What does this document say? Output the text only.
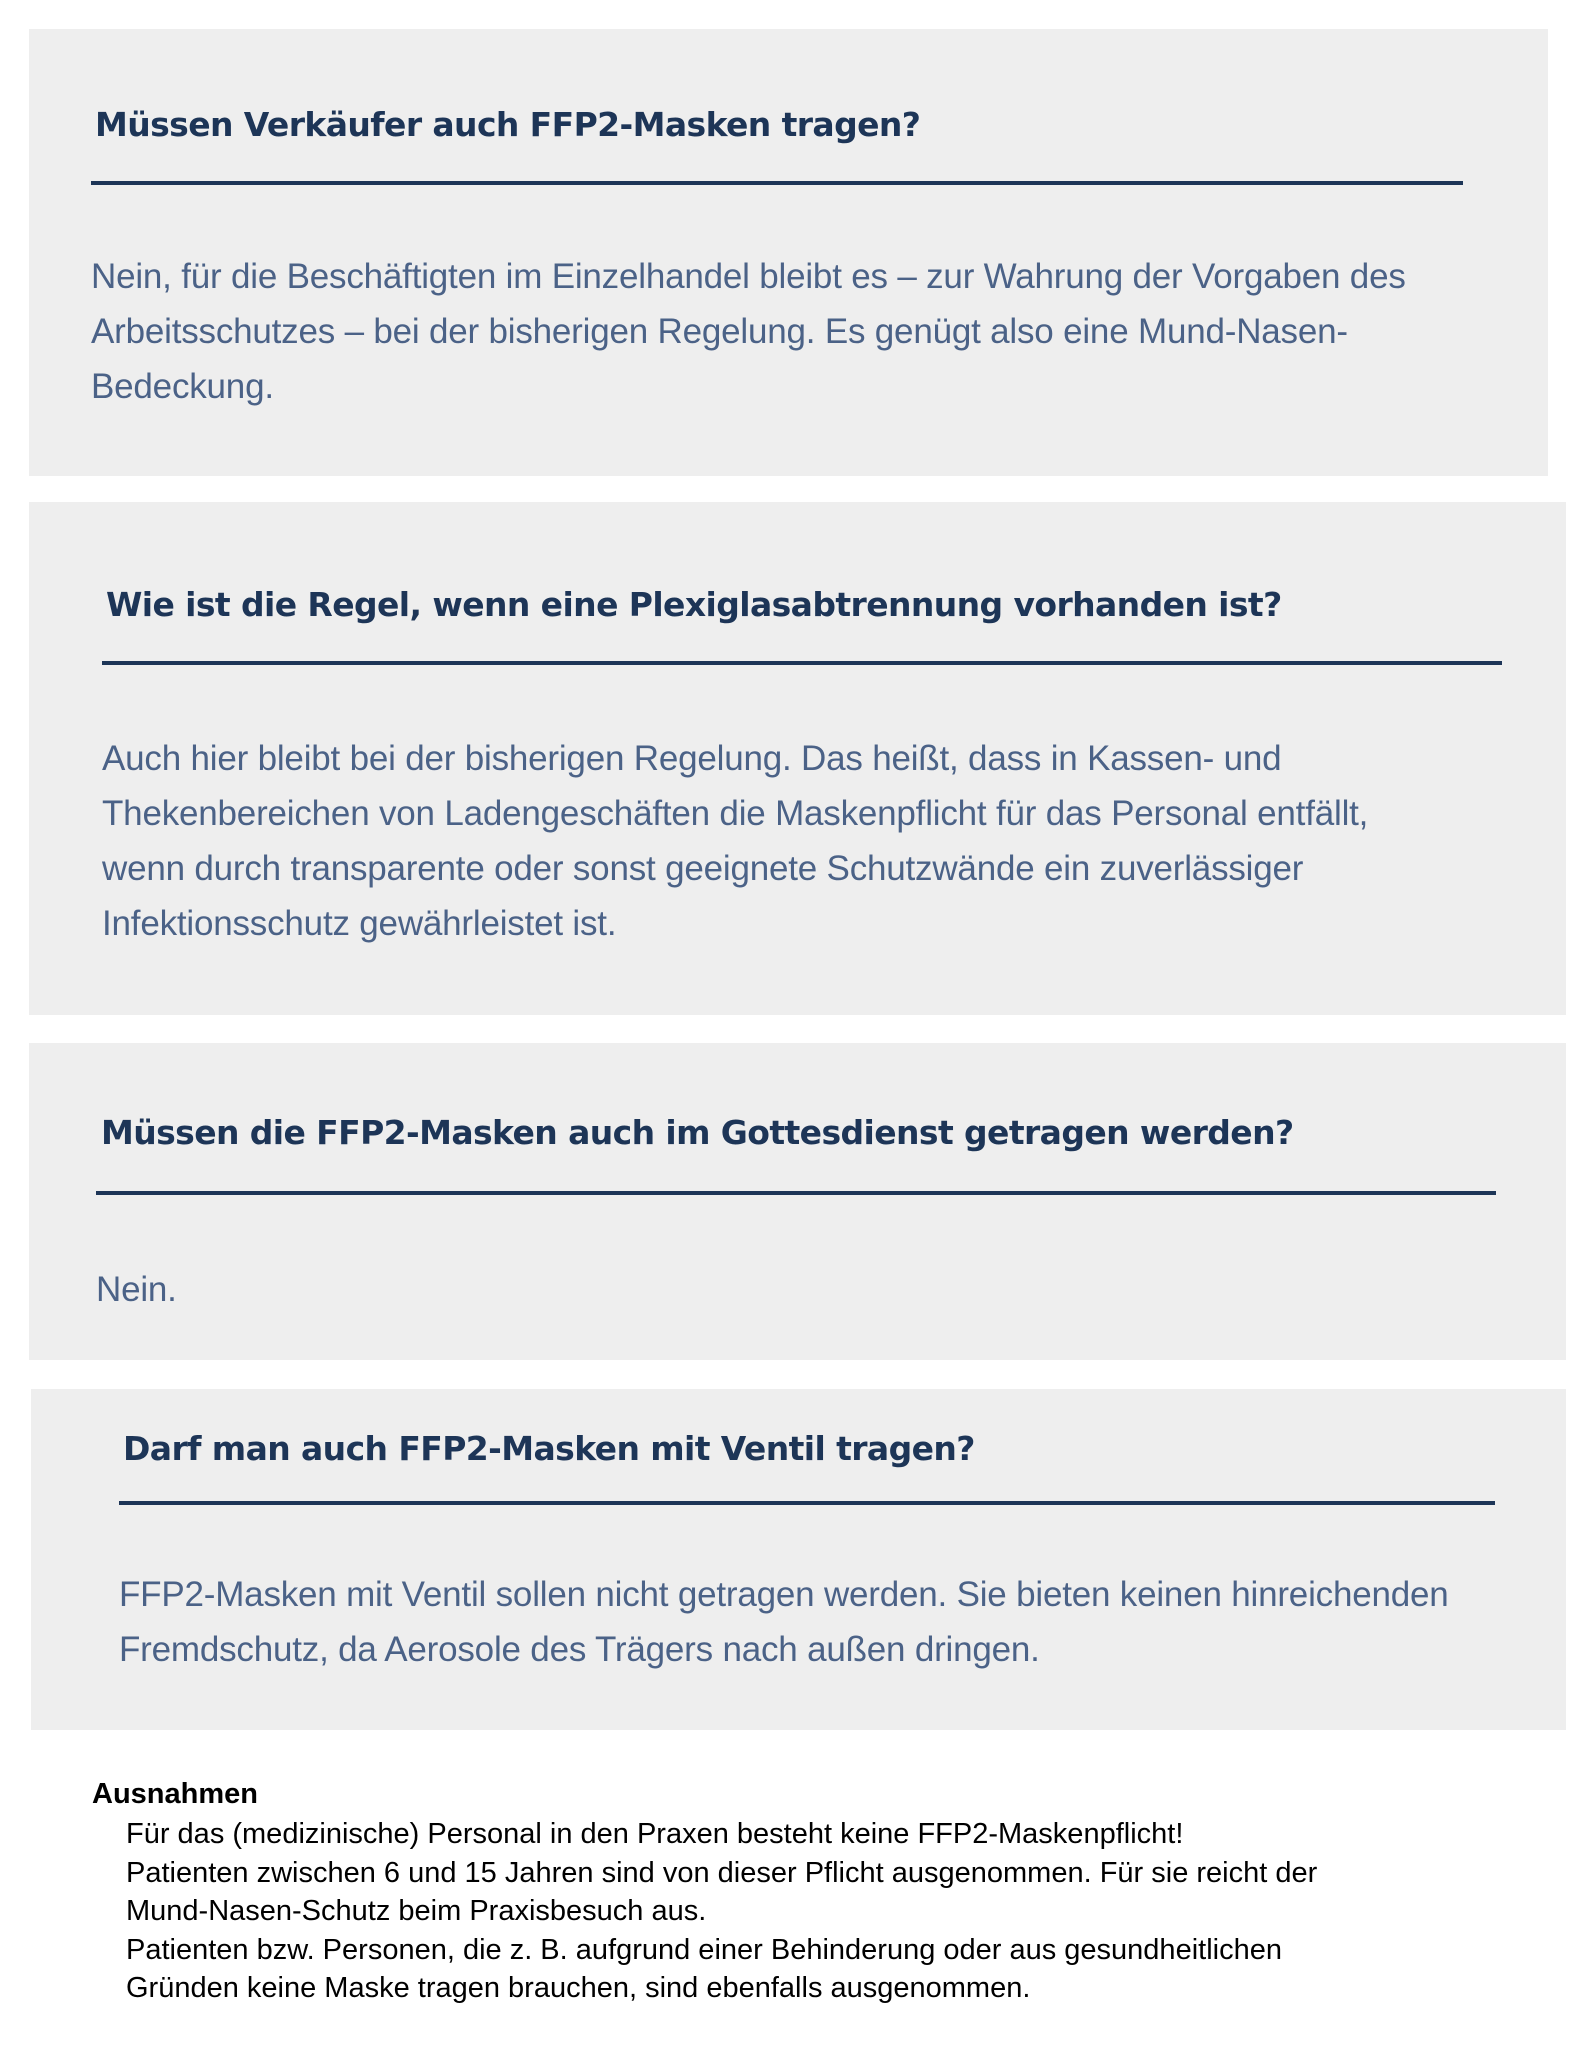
Müssen Verkäufer auch FFP2-Masken tragen?

Nein, für die Beschäftigten im Einzelhandel bleibt es – zur Wahrung der Vorgaben des
Arbeitsschutzes – bei der bisherigen Regelung. Es genügt also eine Mund-Nasen-
Bedeckung.

Wie ist die Regel, wenn eine Plexiglasabtrennung vorhanden ist?

Auch hier bleibt bei der bisherigen Regelung. Das heißt, dass in Kassen- und
Thekenbereichen von Ladengeschäften die Maskenpflicht für das Personal entfällt,
wenn durch transparente oder sonst geeignete Schutzwände ein zuverlässiger
Infektionsschutz gewährleistet ist.

Müssen die FFP2-Masken auch im Gottesdienst getragen werden?

Nein.

Darf man auch FFP2-Masken mit Ventil tragen?

FFP2-Masken mit Ventil sollen nicht getragen werden. Sie bieten keinen hinreichenden
Fremdschutz, da Aerosole des Trägers nach außen dringen.

Ausnahmen
Für das (medizinische) Personal in den Praxen besteht keine FFP2-Maskenpflicht!
Patienten zwischen 6 und 15 Jahren sind von dieser Pflicht ausgenommen. Für sie reicht der
Mund-Nasen-Schutz beim Praxisbesuch aus.
Patienten bzw. Personen, die z. B. aufgrund einer Behinderung oder aus gesundheitlichen
Gründen keine Maske tragen brauchen, sind ebenfalls ausgenommen.
